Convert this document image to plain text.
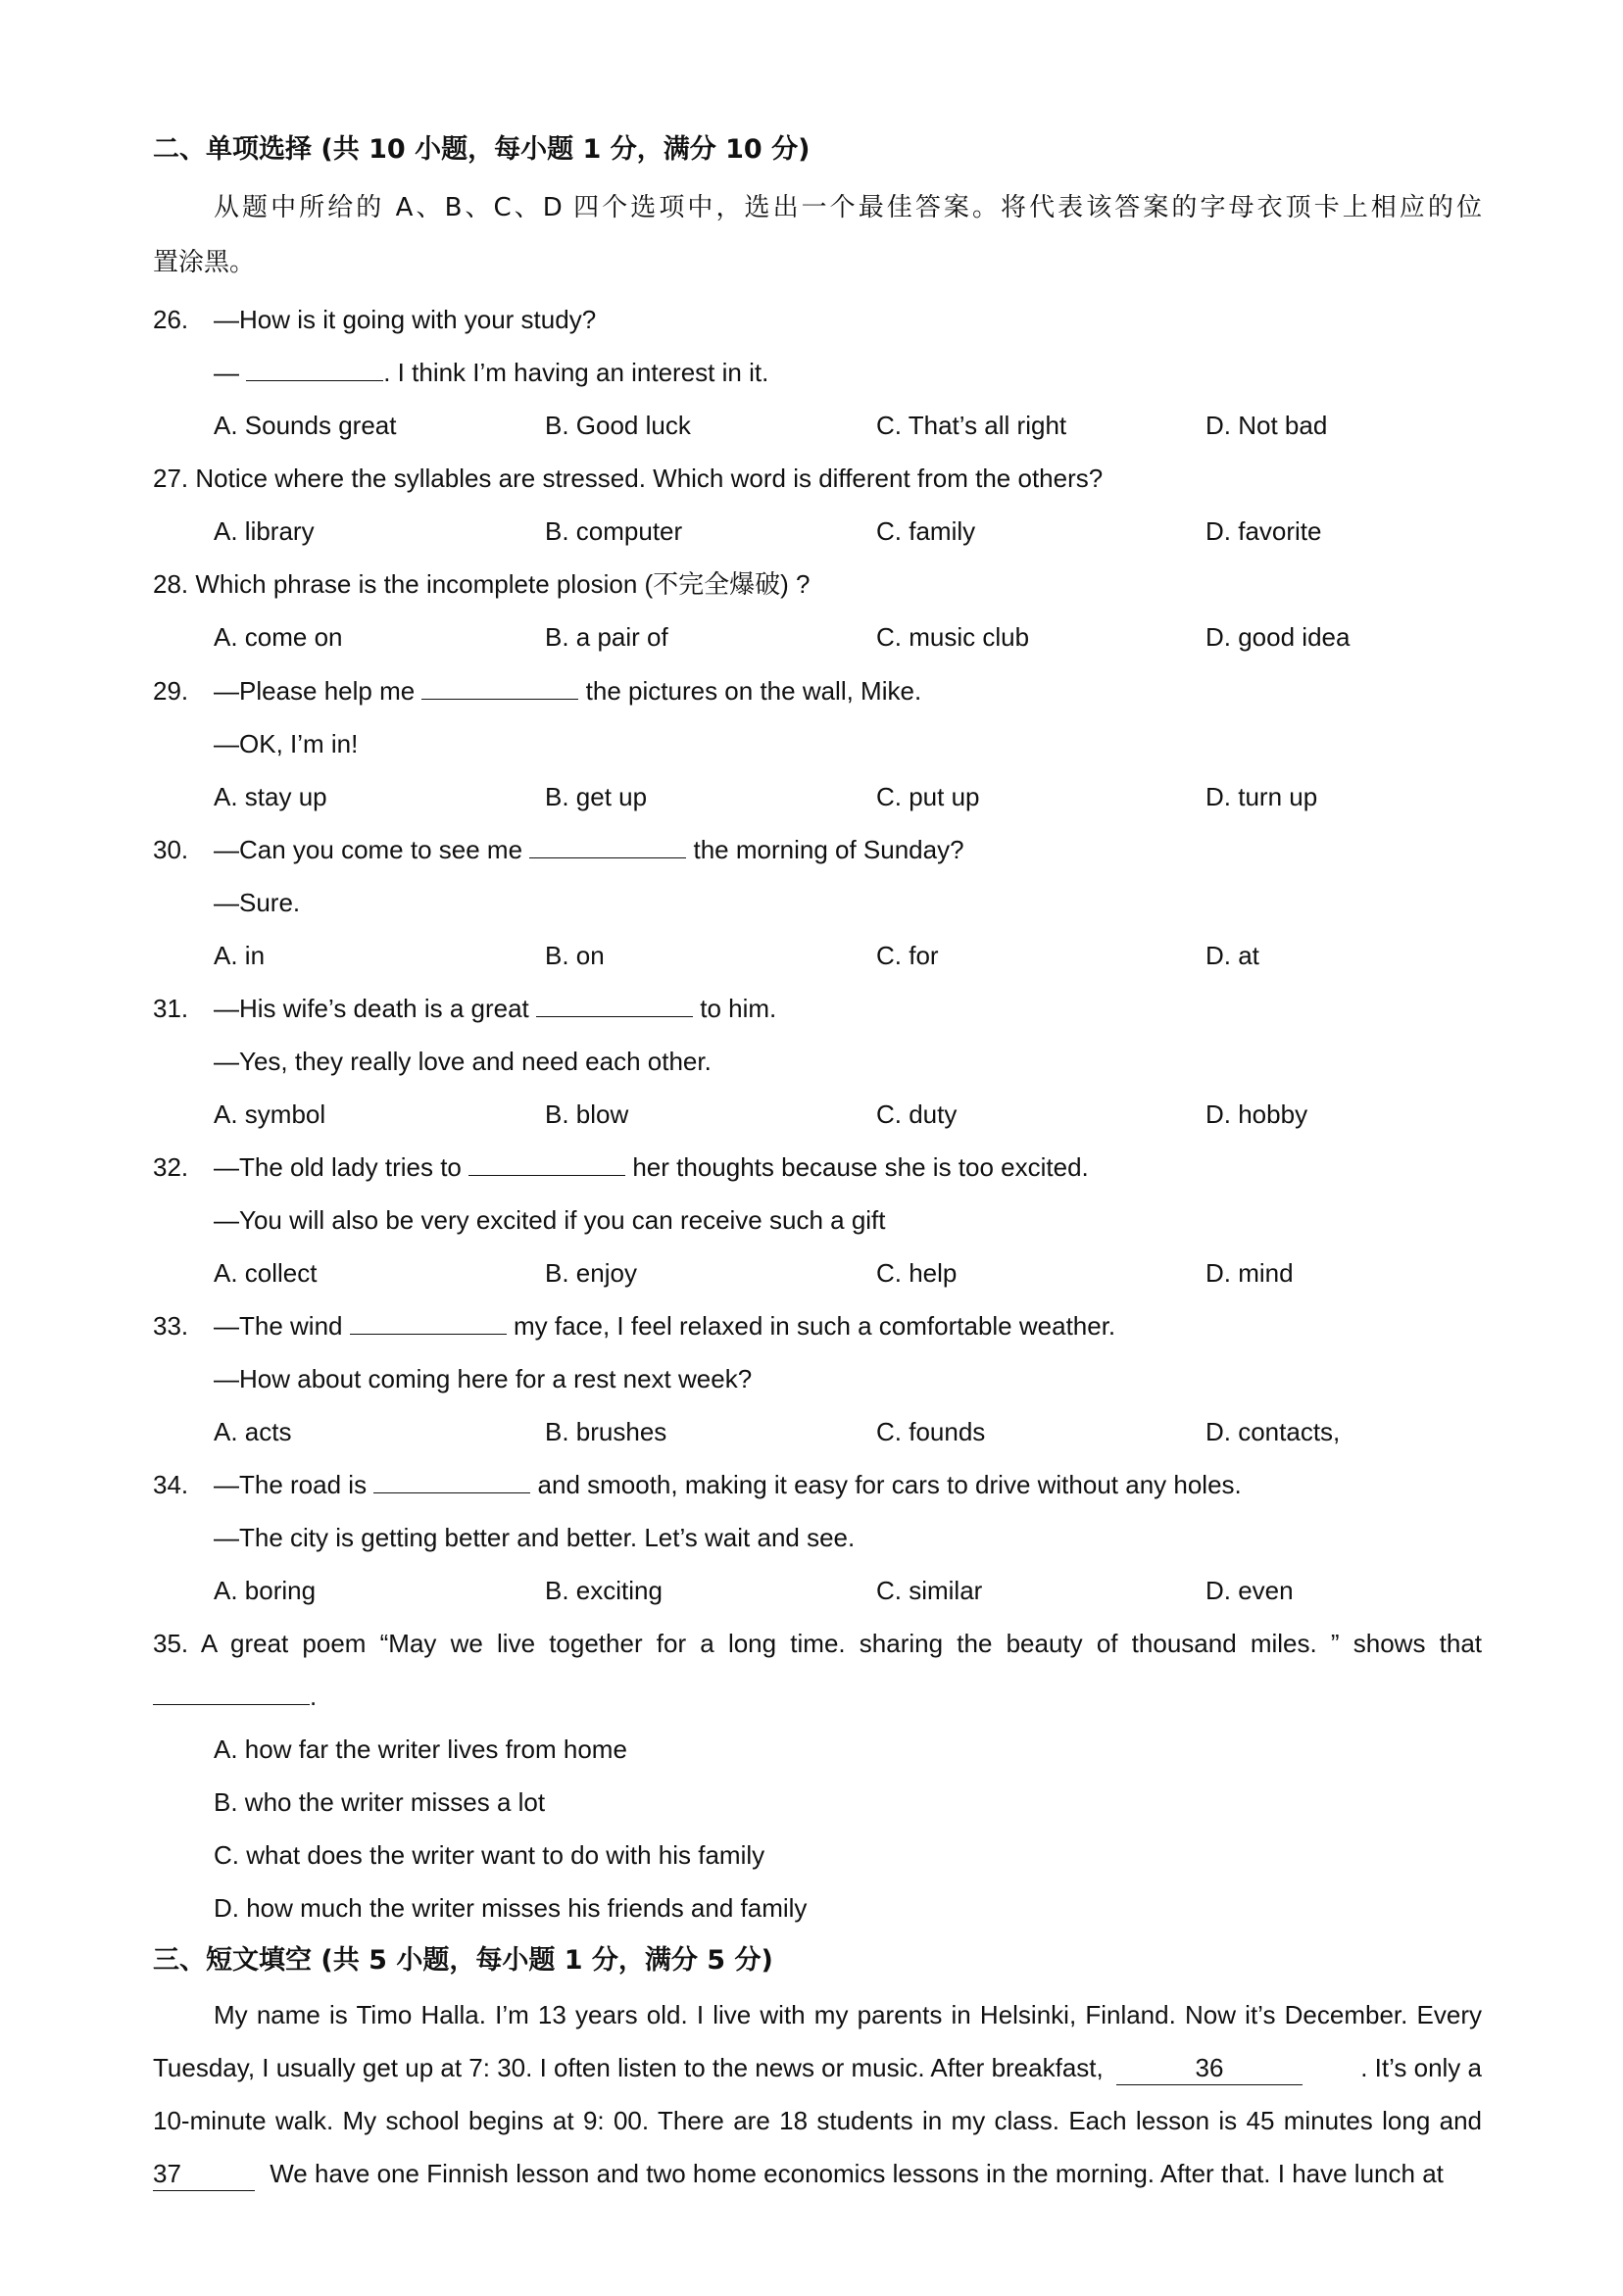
二、单项选择 (共 10 小题，每小题 1 分，满分 10 分)
从题中所给的 A、B、C、D 四个选项中，选出一个最佳答案。将代表该答案的字母衣顶卡上相应的位
置涂黑。
26. —How is it going with your study?
—	. I think I’m having an interest in it.
A. Sounds great	B. Good luck	C. That’s all right	D. Not bad
27. Notice where the syllables are stressed. Which word is different from the others?
A. library	B. computer	C. family	D. favorite
28. Which phrase is the incomplete plosion (不完全爆破) ?
A. come on	B. a pair of	C. music club	D. good idea
29. —Please help me	the pictures on the wall, Mike.
—OK, I’m in!
A. stay up	B. get up	C. put up	D. turn up
30. —Can you come to see me	the morning of Sunday?
—Sure.
A. in	B. on	C. for	D. at
31. —His wife’s death is a great	to him.
—Yes, they really love and need each other.
A. symbol	B. blow	C. duty	D. hobby
32. —The old lady tries to	her thoughts because she is too excited.
—You will also be very excited if you can receive such a gift
A. collect	B. enjoy	C. help	D. mind
33. —The wind	my face, I feel relaxed in such a comfortable weather.
—How about coming here for a rest next week?
A. acts	B. brushes	C. founds	D. contacts,
34. —The road is	and smooth, making it easy for cars to drive without any holes.
—The city is getting better and better. Let’s wait and see.
A. boring	B. exciting	C. similar	D. even
35. A great poem “May we live together for a long time. sharing the beauty of thousand miles. ” shows that
.
A. how far the writer lives from home
B. who the writer misses a lot
C. what does the writer want to do with his family
D. how much the writer misses his friends and family
三、短文填空 (共 5 小题，每小题 1 分，满分 5 分)
My name is Timo Halla. I’m 13 years old. I live with my parents in Helsinki, Finland. Now it’s December. Every
Tuesday, I usually get up at 7: 30. I often listen to the news or music. After breakfast,	36	. It’s only a
10-minute walk. My school begins at 9: 00. There are 18 students in my class. Each lesson is 45 minutes long and
37	We have one Finnish lesson and two home economics lessons in the morning. After that. I have lunch at
